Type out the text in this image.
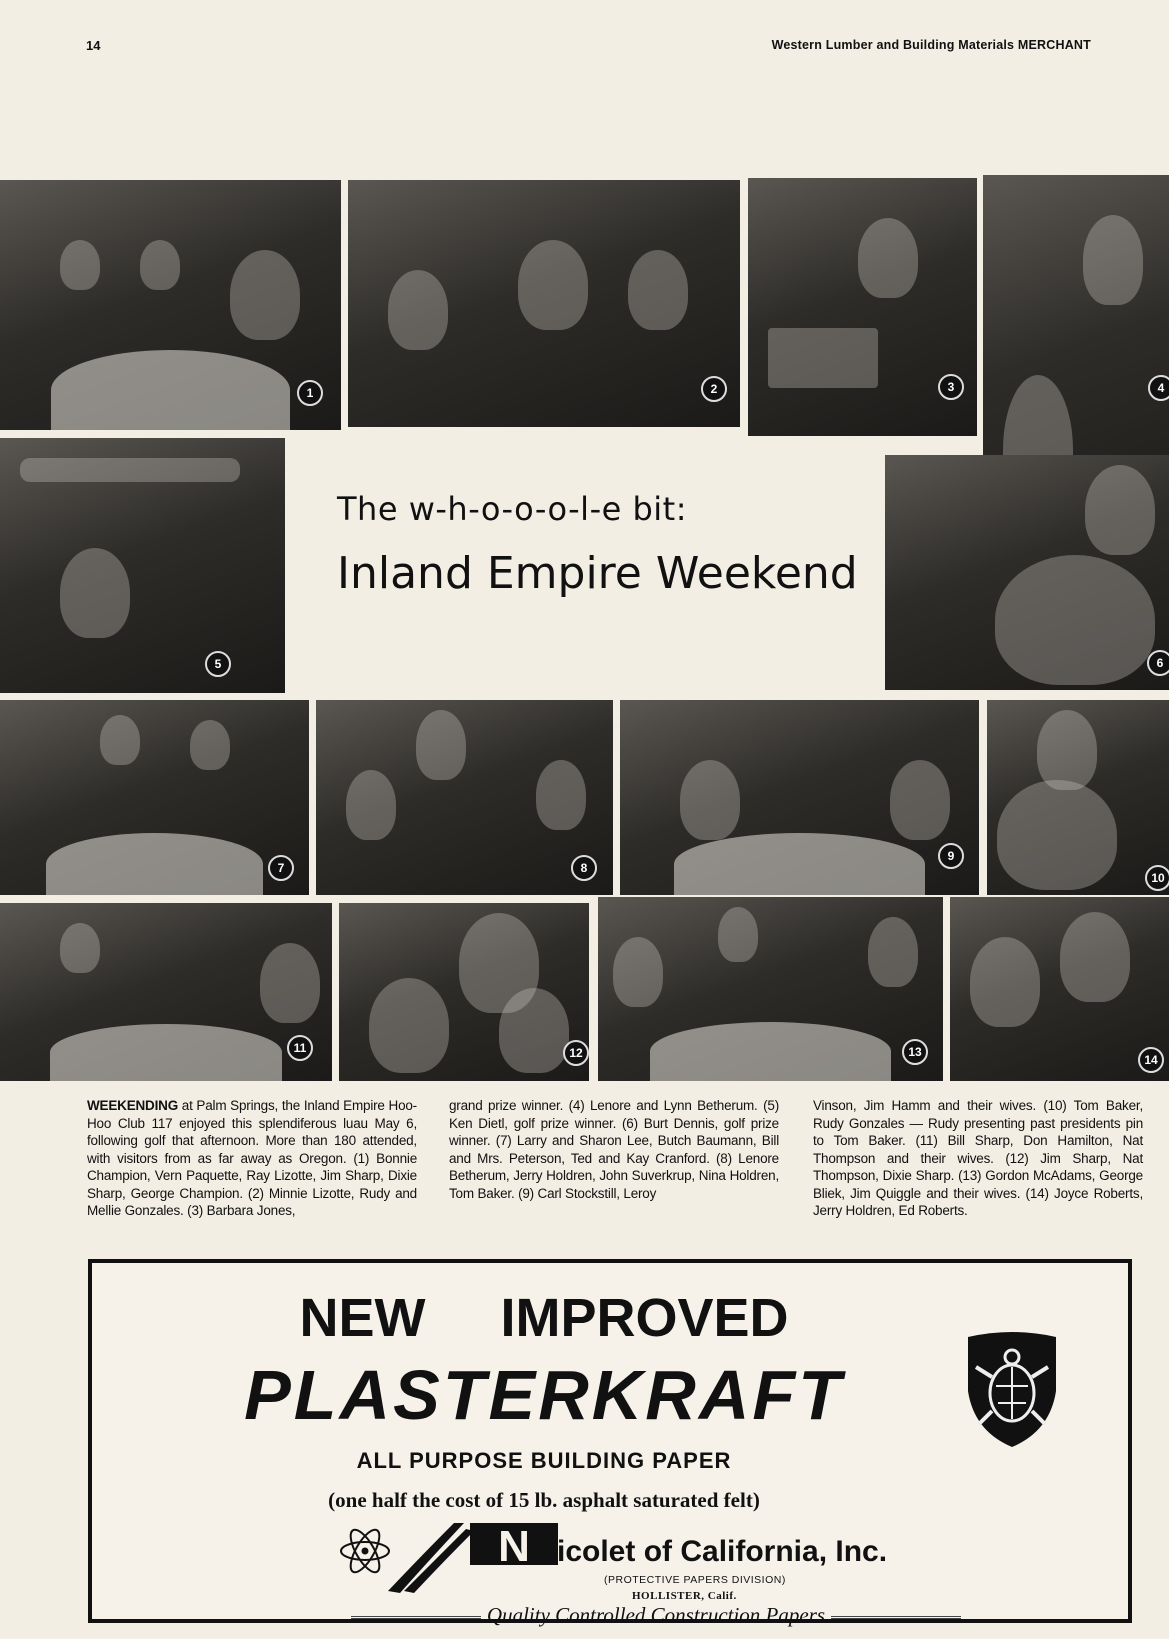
14	Western Lumber and Building Materials MERCHANT
1	2	3	4
5
The w-h-o-o-o-l-e bit:
Inland Empire Weekend
6
7	8
9
10
11	12	13
14
WEEKENDING at Palm Springs, the Inland Empire Hoo-Hoo Club 117 enjoyed this splendiferous luau May 6, following golf that afternoon. More than 180 attended, with visitors from as far away as Oregon. (1) Bonnie Champion, Vern Paquette, Ray Lizotte, Jim Sharp, Dixie Sharp, George Champion. (2) Minnie Lizotte, Rudy and Mellie Gonzales. (3) Barbara Jones,
grand prize winner. (4) Lenore and Lynn Betherum. (5) Ken Dietl, golf prize winner. (6) Burt Dennis, golf prize winner. (7) Larry and Sharon Lee, Butch Baumann, Bill and Mrs. Peterson, Ted and Kay Cranford. (8) Lenore Betherum, Jerry Holdren, John Suverkrup, Nina Holdren, Tom Baker. (9) Carl Stockstill, Leroy
Vinson, Jim Hamm and their wives. (10) Tom Baker, Rudy Gonzales — Rudy presenting past presidents pin to Tom Baker. (11) Bill Sharp, Don Hamilton, Nat Thompson and their wives. (12) Jim Sharp, Nat Thompson, Dixie Sharp. (13) Gordon McAdams, George Bliek, Jim Quiggle and their wives. (14) Joyce Roberts, Jerry Holdren, Ed Roberts.
NEW IMPROVED
PLASTERKRAFT
ALL PURPOSE BUILDING PAPER
(one half the cost of 15 lb. asphalt saturated felt)
N icolet of California, Inc.
(PROTECTIVE PAPERS DIVISION)
HOLLISTER, Calif.
Quality Controlled Construction Papers
